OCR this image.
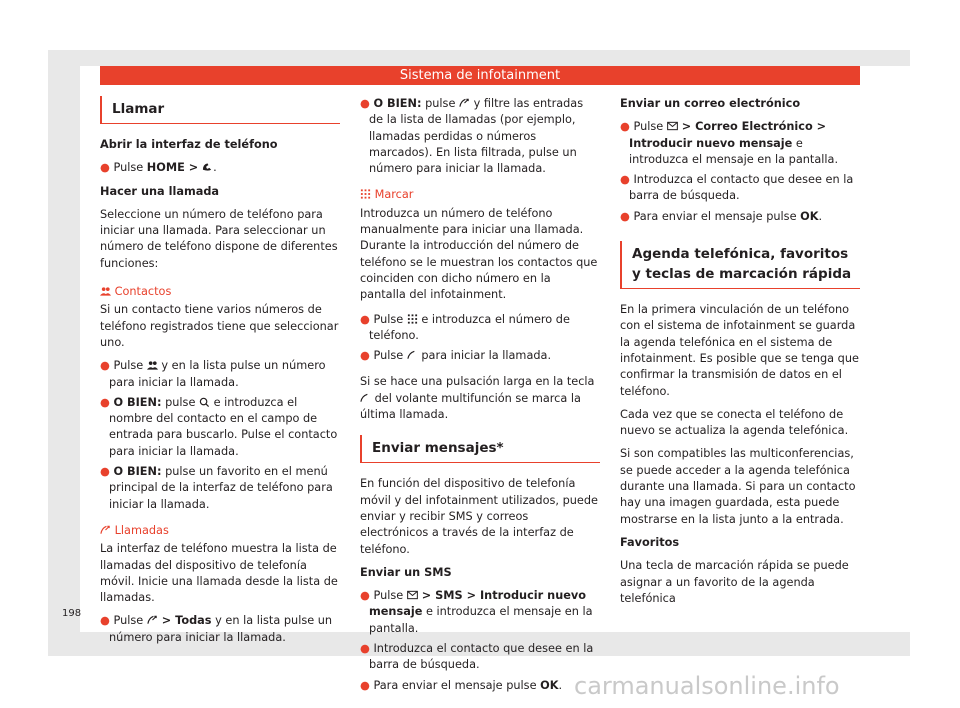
Sistema de infotainment
Llamar

Abrir la interfaz de teléfono

● Pulse HOME > .

Hacer una llamada

Seleccione un número de teléfono para iniciar una llamada. Para seleccionar un número de teléfono dispone de diferentes funciones:

Contactos

Si un contacto tiene varios números de teléfono registrados tiene que seleccionar uno.

● Pulse  y en la lista pulse un número para iniciar la llamada.

● O BIEN: pulse  e introduzca el nombre del contacto en el campo de entrada para buscarlo. Pulse el contacto para iniciar la llamada.

● O BIEN: pulse un favorito en el menú principal de la interfaz de teléfono para iniciar la llamada.

Llamadas

La interfaz de teléfono muestra la lista de llamadas del dispositivo de telefonía móvil. Inicie una llamada desde la lista de llamadas.

● Pulse  > Todas y en la lista pulse un número para iniciar la llamada.

● O BIEN: pulse  y filtre las entradas de la lista de llamadas (por ejemplo, llamadas perdidas o números marcados). En lista filtrada, pulse un número para iniciar la llamada.

Marcar

Introduzca un número de teléfono manualmente para iniciar una llamada. Durante la introducción del número de teléfono se le muestran los contactos que coinciden con dicho número en la pantalla del infotainment.

● Pulse  e introduzca el número de teléfono.

● Pulse  para iniciar la llamada.

Si se hace una pulsación larga en la tecla  del volante multifunción se marca la última llamada.

Enviar mensajes*

En función del dispositivo de telefonía móvil y del infotainment utilizados, puede enviar y recibir SMS y correos electrónicos a través de la interfaz de teléfono.

Enviar un SMS

● Pulse  > SMS > Introducir nuevo mensaje e introduzca el mensaje en la pantalla.

● Introduzca el contacto que desee en la barra de búsqueda.

● Para enviar el mensaje pulse OK.

Enviar un correo electrónico

● Pulse  > Correo Electrónico > Introducir nuevo mensaje e introduzca el mensaje en la pantalla.

● Introduzca el contacto que desee en la barra de búsqueda.

● Para enviar el mensaje pulse OK.

Agenda telefónica, favoritos y teclas de marcación rápida

En la primera vinculación de un teléfono con el sistema de infotainment se guarda la agenda telefónica en el sistema de infotainment. Es posible que se tenga que confirmar la transmisión de datos en el teléfono.

Cada vez que se conecta el teléfono de nuevo se actualiza la agenda telefónica.

Si son compatibles las multiconferencias, se puede acceder a la agenda telefónica durante una llamada. Si para un contacto hay una imagen guardada, esta puede mostrarse en la lista junto a la entrada.

Favoritos

Una tecla de marcación rápida se puede asignar a un favorito de la agenda telefónica

198
carmanualsonline.info
